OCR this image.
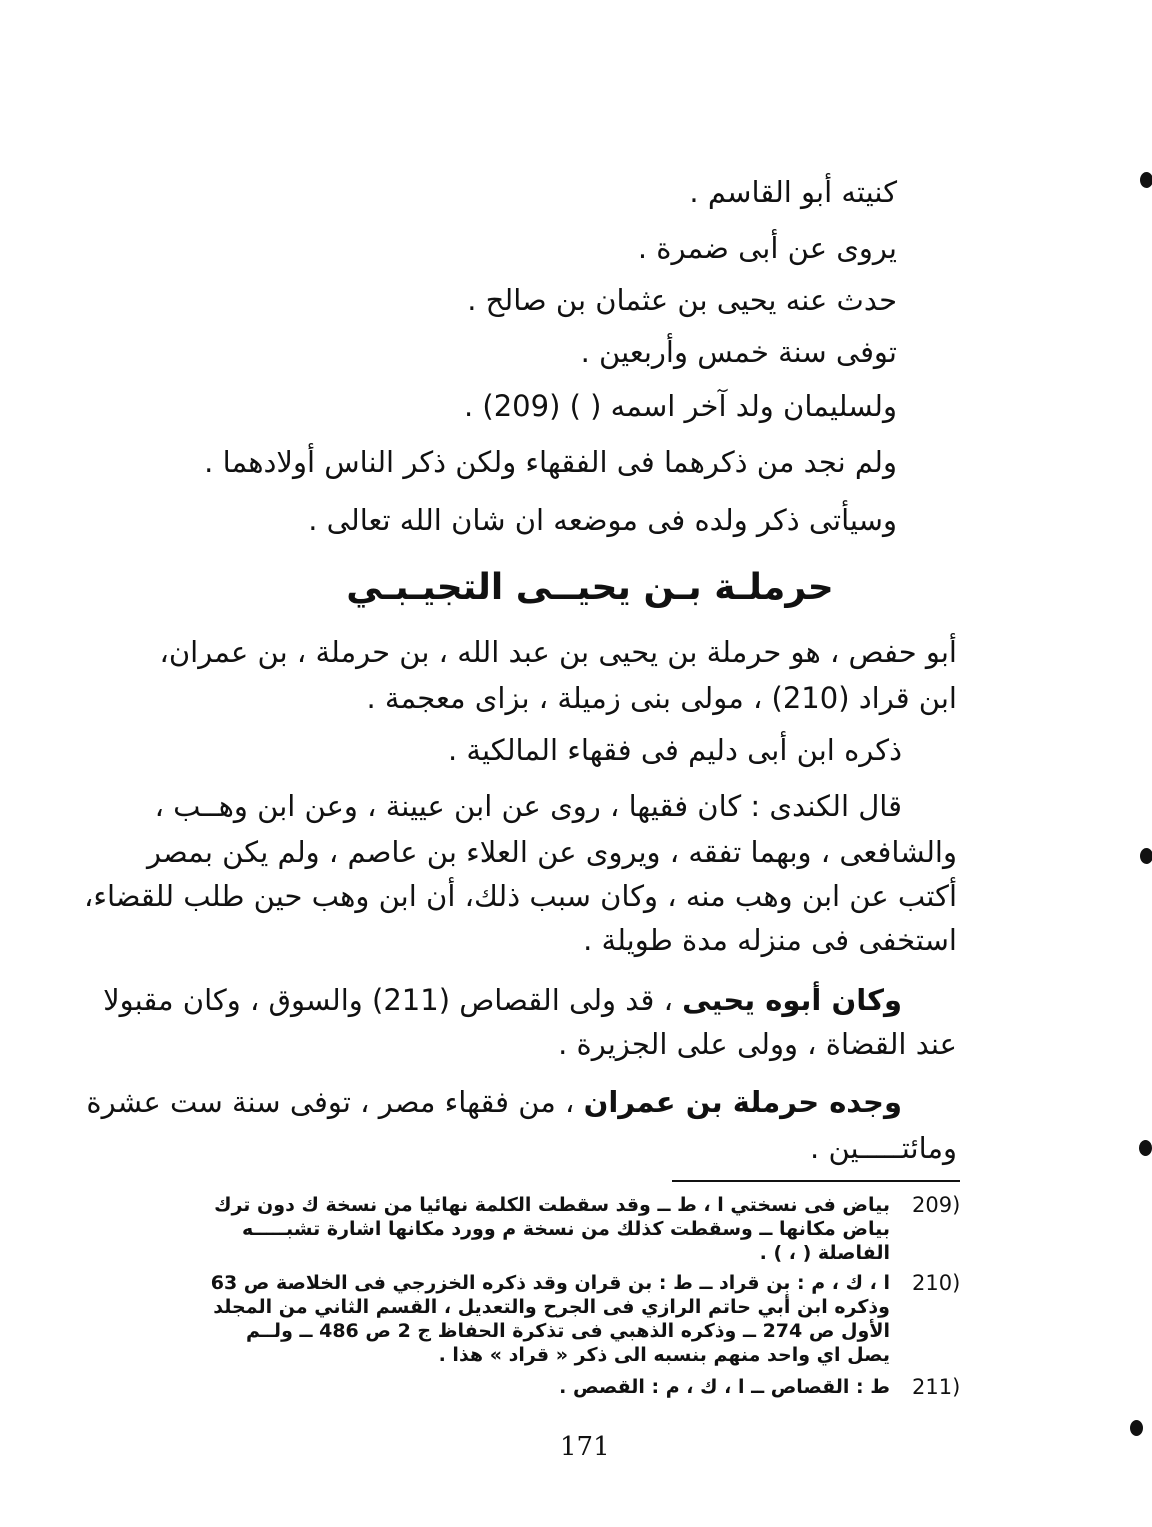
كنيته أبو القاسم .
يروى عن أبى ضمرة .
حدث عنه يحيى بن عثمان بن صالح .
توفى سنة خمس وأربعين .
ولسليمان ولد آخر اسمه ( ) (209) .
ولم نجد من ذكرهما فى الفقهاء ولكن ذكر الناس أولادهما .
وسيأتى ذكر ولده فى موضعه ان شان الله تعالى .
حرملـة بـن يحيــى التجيـبـي
أبو حفص ، هو حرملة بن يحيى بن عبد الله ، بن حرملة ، بن عمران،
ابن قراد (210) ، مولى بنى زميلة ، بزاى معجمة .
ذكره ابن أبى دليم فى فقهاء المالكية .
قال الكندى : كان فقيها ، روى عن ابن عيينة ، وعن ابن وهــب ،
والشافعى ، وبهما تفقه ، ويروى عن العلاء بن عاصم ، ولم يكن بمصر
أكتب عن ابن وهب منه ، وكان سبب ذلك، أن ابن وهب حين طلب للقضاء،
استخفى فى منزله مدة طويلة .
وكان أبوه يحيى ، قد ولى القصاص (211) والسوق ، وكان مقبولا
عند القضاة ، وولى على الجزيرة .
وجده حرملة بن عمران ، من فقهاء مصر ، توفى سنة ست عشرة
ومائتـــــين .
209)
بياض فى نسختي ا ، ط ــ وقد سقطت الكلمة نهائيا من نسخة ك دون ترك
بياض مكانها ــ وسقطت كذلك من نسخة م وورد مكانها اشارة تشبـــــه
الفاصلة ( ، ) .
210)
ا ، ك ، م : بن قراد ــ ط : بن قران وقد ذكره الخزرجي فى الخلاصة ص 63
وذكره ابن أبي حاتم الرازي فى الجرح والتعديل ، القسم الثاني من المجلد
الأول ص 274 ــ وذكره الذهبي فى تذكرة الحفاظ ج 2 ص 486 ــ ولــم
يصل اي واحد منهم بنسبه الى ذكر « قراد » هذا .
211)
ط : القصاص ــ ا ، ك ، م : القصص .
171
